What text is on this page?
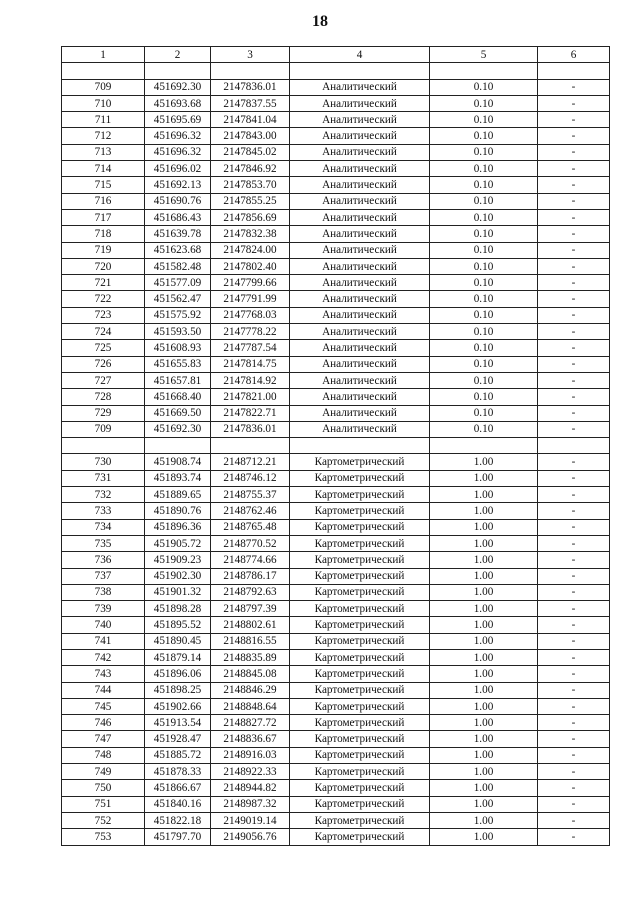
18
1	2	3	4	5	6

709	451692.30	2147836.01	Аналитический	0.10	-
710	451693.68	2147837.55	Аналитический	0.10	-
711	451695.69	2147841.04	Аналитический	0.10	-
712	451696.32	2147843.00	Аналитический	0.10	-
713	451696.32	2147845.02	Аналитический	0.10	-
714	451696.02	2147846.92	Аналитический	0.10	-
715	451692.13	2147853.70	Аналитический	0.10	-
716	451690.76	2147855.25	Аналитический	0.10	-
717	451686.43	2147856.69	Аналитический	0.10	-
718	451639.78	2147832.38	Аналитический	0.10	-
719	451623.68	2147824.00	Аналитический	0.10	-
720	451582.48	2147802.40	Аналитический	0.10	-
721	451577.09	2147799.66	Аналитический	0.10	-
722	451562.47	2147791.99	Аналитический	0.10	-
723	451575.92	2147768.03	Аналитический	0.10	-
724	451593.50	2147778.22	Аналитический	0.10	-
725	451608.93	2147787.54	Аналитический	0.10	-
726	451655.83	2147814.75	Аналитический	0.10	-
727	451657.81	2147814.92	Аналитический	0.10	-
728	451668.40	2147821.00	Аналитический	0.10	-
729	451669.50	2147822.71	Аналитический	0.10	-
709	451692.30	2147836.01	Аналитический	0.10	-

730	451908.74	2148712.21	Картометрический	1.00	-
731	451893.74	2148746.12	Картометрический	1.00	-
732	451889.65	2148755.37	Картометрический	1.00	-
733	451890.76	2148762.46	Картометрический	1.00	-
734	451896.36	2148765.48	Картометрический	1.00	-
735	451905.72	2148770.52	Картометрический	1.00	-
736	451909.23	2148774.66	Картометрический	1.00	-
737	451902.30	2148786.17	Картометрический	1.00	-
738	451901.32	2148792.63	Картометрический	1.00	-
739	451898.28	2148797.39	Картометрический	1.00	-
740	451895.52	2148802.61	Картометрический	1.00	-
741	451890.45	2148816.55	Картометрический	1.00	-
742	451879.14	2148835.89	Картометрический	1.00	-
743	451896.06	2148845.08	Картометрический	1.00	-
744	451898.25	2148846.29	Картометрический	1.00	-
745	451902.66	2148848.64	Картометрический	1.00	-
746	451913.54	2148827.72	Картометрический	1.00	-
747	451928.47	2148836.67	Картометрический	1.00	-
748	451885.72	2148916.03	Картометрический	1.00	-
749	451878.33	2148922.33	Картометрический	1.00	-
750	451866.67	2148944.82	Картометрический	1.00	-
751	451840.16	2148987.32	Картометрический	1.00	-
752	451822.18	2149019.14	Картометрический	1.00	-
753	451797.70	2149056.76	Картометрический	1.00	-
